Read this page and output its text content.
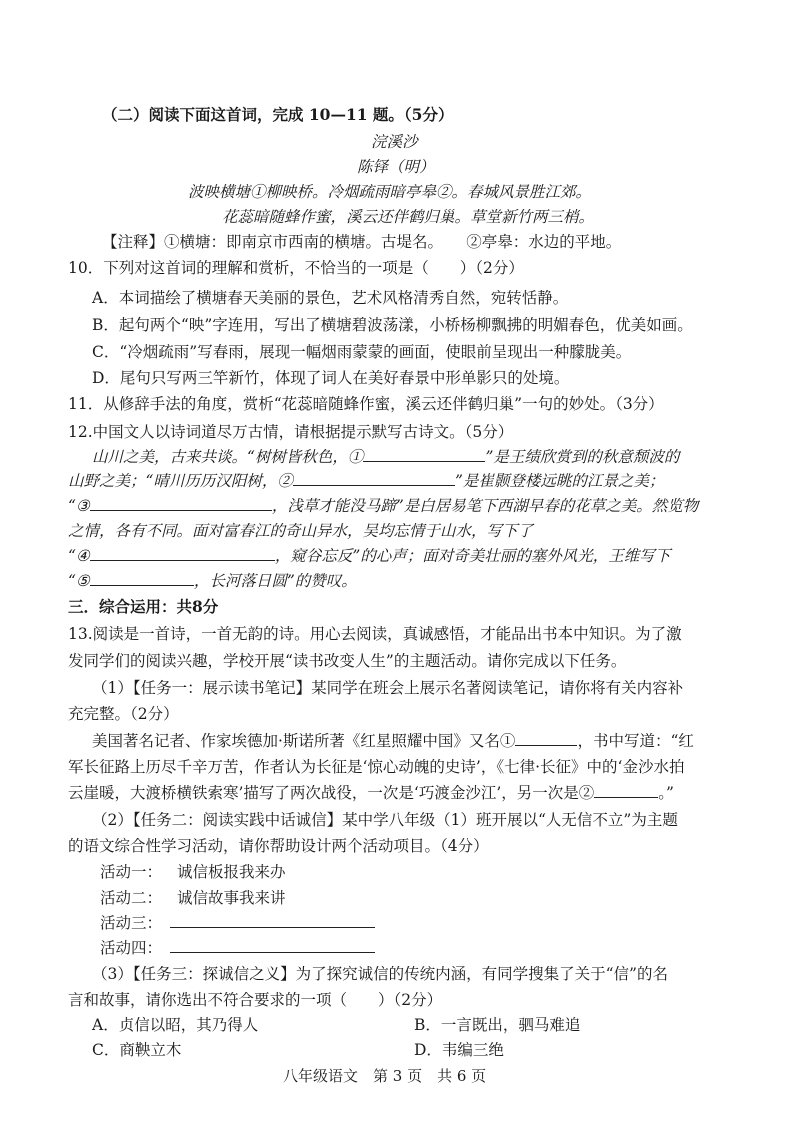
（二）阅读下面这首词，完成 10—11 题。（5分）
浣溪沙
陈铎（明）
波映横塘①柳映桥。冷烟疏雨暗亭皋②。春城风景胜江郊。
花蕊暗随蜂作蜜，溪云还伴鹤归巢。草堂新竹两三梢。
【注释】①横塘：即南京市西南的横塘。古堤名。　　②亭皋：水边的平地。
10．下列对这首词的理解和赏析，不恰当的一项是（　　）（2分）
A．本词描绘了横塘春天美丽的景色，艺术风格清秀自然，宛转恬静。
B．起句两个“映”字连用，写出了横塘碧波荡漾，小桥杨柳飘拂的明媚春色，优美如画。
C．“冷烟疏雨”写春雨，展现一幅烟雨蒙蒙的画面，使眼前呈现出一种朦胧美。
D．尾句只写两三竿新竹，体现了词人在美好春景中形单影只的处境。
11．从修辞手法的角度，赏析“花蕊暗随蜂作蜜，溪云还伴鹤归巢”一句的妙处。（3分）
12.中国文人以诗词道尽万古情，请根据提示默写古诗文。（5分）
山川之美，古来共谈。“树树皆秋色，①	”是王绩欣赏到的秋意颓波的
山野之美；“晴川历历汉阳树，②	”是崔颢登楼远眺的江景之美；
“③	，浅草才能没马蹄”是白居易笔下西湖早春的花草之美。然览物
之情，各有不同。面对富春江的奇山异水，吴均忘情于山水，写下了
“④	，窥谷忘反”的心声；面对奇美壮丽的塞外风光，王维写下
“⑤	，长河落日圆”的赞叹。
三．综合运用：共8分
13.阅读是一首诗，一首无韵的诗。用心去阅读，真诚感悟，才能品出书本中知识。为了激
发同学们的阅读兴趣，学校开展“读书改变人生”的主题活动。请你完成以下任务。
（1）【任务一：展示读书笔记】某同学在班会上展示名著阅读笔记，请你将有关内容补
充完整。（2分）
美国著名记者、作家埃德加·斯诺所著《红星照耀中国》又名①	，书中写道：“红
军长征路上历尽千辛万苦，作者认为长征是‘惊心动魄的史诗’，《七律·长征》中的‘金沙水拍
云崖暖，大渡桥横铁索寒’描写了两次战役，一次是‘巧渡金沙江’，另一次是②	。”
（2）【任务二：阅读实践中话诚信】某中学八年级（1）班开展以“人无信不立”为主题
的语文综合性学习活动，请你帮助设计两个活动项目。（4分）
活动一： 诚信板报我来办
活动二： 诚信故事我来讲
活动三：
活动四：
（3）【任务三：探诚信之义】为了探究诚信的传统内涵，有同学搜集了关于“信”的名
言和故事，请你选出不符合要求的一项（　　）（2分）
A．贞信以昭，其乃得人	B．一言既出，驷马难追
C．商鞅立木	D．韦编三绝
八年级语文　第 3 页　共 6 页
